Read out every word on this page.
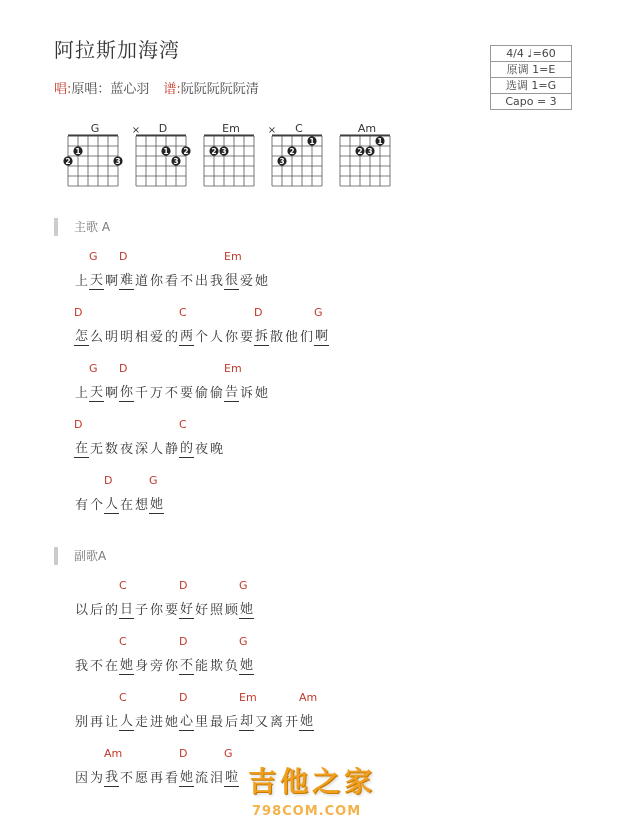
阿拉斯加海湾
唱:原唱：蓝心羽 谱:阮阮阮阮阮清
4/4 ♩=60
原调 1=E
选调 1=G
Capo = 3
G
1
2	3
D
×
1 2
3
Em
2 3
C
×
1
2
3
Am
1
2 3
主歌 A
上
G
天 啊
D
难 道 你 看 不 出 我
Em
很 爱 她
D
怎 么 明 明 相 爱 的
C
两 个 人 你 要
D
拆 散 他 们
G
啊
上
G
天 啊
D
你 千 万 不 要 偷 偷
Em
告 诉 她
D
在 无 数 夜 深 人 静
C
的 夜 晚
有 个
D
人 在 想
G
她
副歌A
以 后 的
C
日 子 你 要
D
好 好 照 顾
G
她
我 不 在
C
她 身 旁 你
D
不 能 欺 负
G
她
别 再 让
C
人 走 进 她
D
心 里 最 后
Em
却 又 离 开
Am
她
因 为
Am
我 不 愿 再 看
D
她 流 泪
G
啦 吉他之家
798COM.COM
